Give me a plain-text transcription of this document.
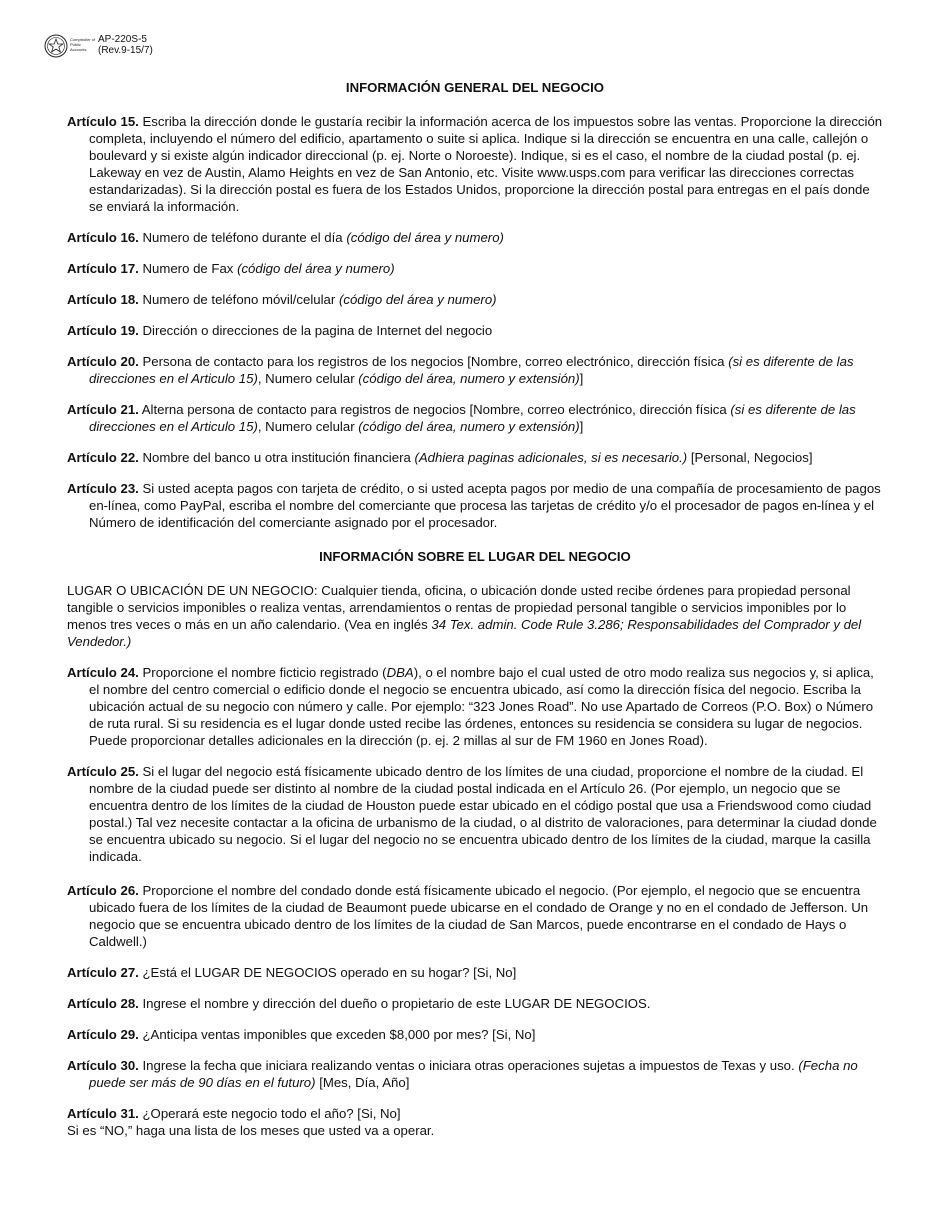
Comptroller of Public Accounts
AP-220S-5
(Rev.9-15/7)
INFORMACIÓN GENERAL DEL NEGOCIO

Artículo 15. Escriba la dirección donde le gustaría recibir la información acerca de los impuestos sobre las ventas. Proporcione la dirección completa, incluyendo el número del edificio, apartamento o suite si aplica. Indique si la dirección se encuentra en una calle, callejón o boulevard y si existe algún indicador direccional (p. ej. Norte o Noroeste). Indique, si es el caso, el nombre de la ciudad postal (p. ej. Lakeway en vez de Austin, Alamo Heights en vez de San Antonio, etc. Visite www.usps.com para verificar las direcciones correctas estandarizadas). Si la dirección postal es fuera de los Estados Unidos, proporcione la dirección postal para entregas en el país donde se enviará la información.

Artículo 16. Numero de teléfono durante el día (código del área y numero)

Artículo 17. Numero de Fax (código del área y numero)

Artículo 18. Numero de teléfono móvil/celular (código del área y numero)

Artículo 19. Dirección o direcciones de la pagina de Internet del negocio

Artículo 20. Persona de contacto para los registros de los negocios [Nombre, correo electrónico, dirección física (si es diferente de las direcciones en el Articulo 15), Numero celular (código del área, numero y extensión)]

Artículo 21. Alterna persona de contacto para registros de negocios [Nombre, correo electrónico, dirección física (si es diferente de las direcciones en el Articulo 15), Numero celular (código del área, numero y extensión)]

Artículo 22. Nombre del banco u otra institución financiera (Adhiera paginas adicionales, si es necesario.) [Personal, Negocios]

Artículo 23. Si usted acepta pagos con tarjeta de crédito, o si usted acepta pagos por medio de una compañía de procesamiento de pagos en-línea, como PayPal, escriba el nombre del comerciante que procesa las tarjetas de crédito y/o el procesador de pagos en-línea y el Número de identificación del comerciante asignado por el procesador.

INFORMACIÓN SOBRE EL LUGAR DEL NEGOCIO

LUGAR O UBICACIÓN DE UN NEGOCIO: Cualquier tienda, oficina, o ubicación donde usted recibe órdenes para propiedad personal tangible o servicios imponibles o realiza ventas, arrendamientos o rentas de propiedad personal tangible o servicios imponibles por lo menos tres veces o más en un año calendario. (Vea en inglés 34 Tex. admin. Code Rule 3.286; Responsabilidades del Comprador y del Vendedor.)

Artículo 24. Proporcione el nombre ficticio registrado (DBA), o el nombre bajo el cual usted de otro modo realiza sus negocios y, si aplica, el nombre del centro comercial o edificio donde el negocio se encuentra ubicado, así como la dirección física del negocio. Escriba la ubicación actual de su negocio con número y calle. Por ejemplo: “323 Jones Road”. No use Apartado de Correos (P.O. Box) o Número de ruta rural. Si su residencia es el lugar donde usted recibe las órdenes, entonces su residencia se considera su lugar de negocios. Puede proporcionar detalles adicionales en la dirección (p. ej. 2 millas al sur de FM 1960 en Jones Road).

Artículo 25. Si el lugar del negocio está físicamente ubicado dentro de los límites de una ciudad, proporcione el nombre de la ciudad. El nombre de la ciudad puede ser distinto al nombre de la ciudad postal indicada en el Artículo 26. (Por ejemplo, un negocio que se encuentra dentro de los límites de la ciudad de Houston puede estar ubicado en el código postal que usa a Friendswood como ciudad postal.) Tal vez necesite contactar a la oficina de urbanismo de la ciudad, o al distrito de valoraciones, para determinar la ciudad donde se encuentra ubicado su negocio. Si el lugar del negocio no se encuentra ubicado dentro de los límites de la ciudad, marque la casilla indicada.

Artículo 26. Proporcione el nombre del condado donde está físicamente ubicado el negocio. (Por ejemplo, el negocio que se encuentra ubicado fuera de los límites de la ciudad de Beaumont puede ubicarse en el condado de Orange y no en el condado de Jefferson. Un negocio que se encuentra ubicado dentro de los límites de la ciudad de San Marcos, puede encontrarse en el condado de Hays o Caldwell.)

Artículo 27. ¿Está el LUGAR DE NEGOCIOS operado en su hogar? [Si, No]

Artículo 28. Ingrese el nombre y dirección del dueño o propietario de este LUGAR DE NEGOCIOS.

Artículo 29. ¿Anticipa ventas imponibles que exceden $8,000 por mes? [Si, No]

Artículo 30. Ingrese la fecha que iniciara realizando ventas o iniciara otras operaciones sujetas a impuestos de Texas y uso. (Fecha no puede ser más de 90 días en el futuro) [Mes, Día, Año]

Artículo 31. ¿Operará este negocio todo el año? [Si, No]
Si es “NO,” haga una lista de los meses que usted va a operar.
